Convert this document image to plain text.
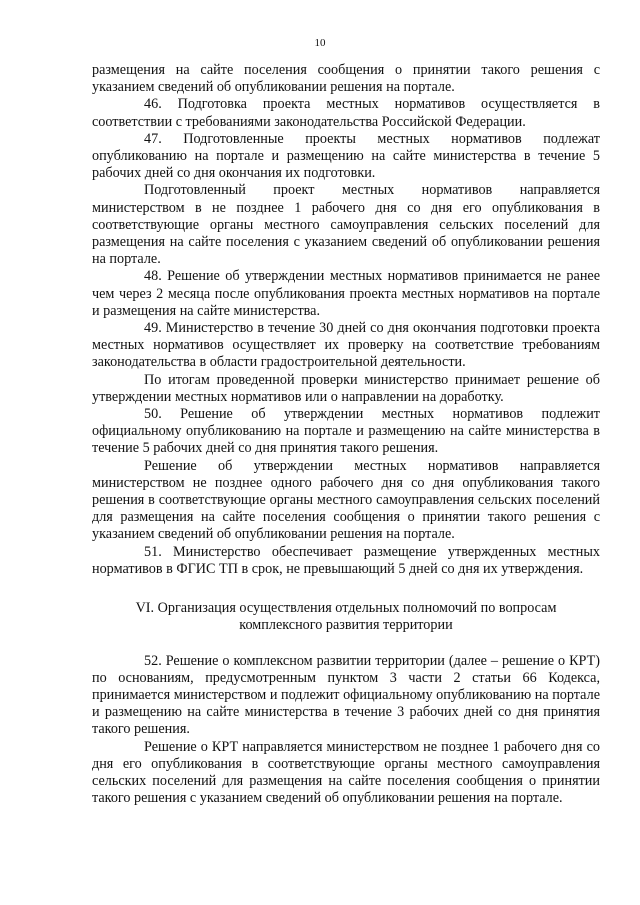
10

размещения на сайте поселения сообщения о принятии такого решения с указанием сведений об опубликовании решения на портале.

46. Подготовка проекта местных нормативов осуществляется в соответствии с требованиями законодательства Российской Федерации.

47. Подготовленные проекты местных нормативов подлежат опубликованию на портале и размещению на сайте министерства в течение 5 рабочих дней со дня окончания их подготовки.

Подготовленный проект местных нормативов направляется министерством в не позднее 1 рабочего дня со дня его опубликования в соответствующие органы местного самоуправления сельских поселений для размещения на сайте поселения с указанием сведений об опубликовании решения на портале.

48. Решение об утверждении местных нормативов принимается не ранее чем через 2 месяца после опубликования проекта местных нормативов на портале и размещения на сайте министерства.

49. Министерство в течение 30 дней со дня окончания подготовки проекта местных нормативов осуществляет их проверку на соответствие требованиям законодательства в области градостроительной деятельности.

По итогам проведенной проверки министерство принимает решение об утверждении местных нормативов или о направлении на доработку.

50. Решение об утверждении местных нормативов подлежит официальному опубликованию на портале и размещению на сайте министерства в течение 5 рабочих дней со дня принятия такого решения.

Решение об утверждении местных нормативов направляется министерством не позднее одного рабочего дня со дня опубликования такого решения в соответствующие органы местного самоуправления сельских поселений для размещения на сайте поселения сообщения о принятии такого решения с указанием сведений об опубликовании решения на портале.

51. Министерство обеспечивает размещение утвержденных местных нормативов в ФГИС ТП в срок, не превышающий 5 дней со дня их утверждения.

VI. Организация осуществления отдельных полномочий по вопросам
комплексного развития территории

52. Решение о комплексном развитии территории (далее – решение о КРТ) по основаниям, предусмотренным пунктом 3 части 2 статьи 66 Кодекса, принимается министерством и подлежит официальному опубликованию на портале и размещению на сайте министерства в течение 3 рабочих дней со дня принятия такого решения.

Решение о КРТ направляется министерством не позднее 1 рабочего дня со дня его опубликования в соответствующие органы местного самоуправления сельских поселений для размещения на сайте поселения сообщения о принятии такого решения с указанием сведений об опубликовании решения на портале.
